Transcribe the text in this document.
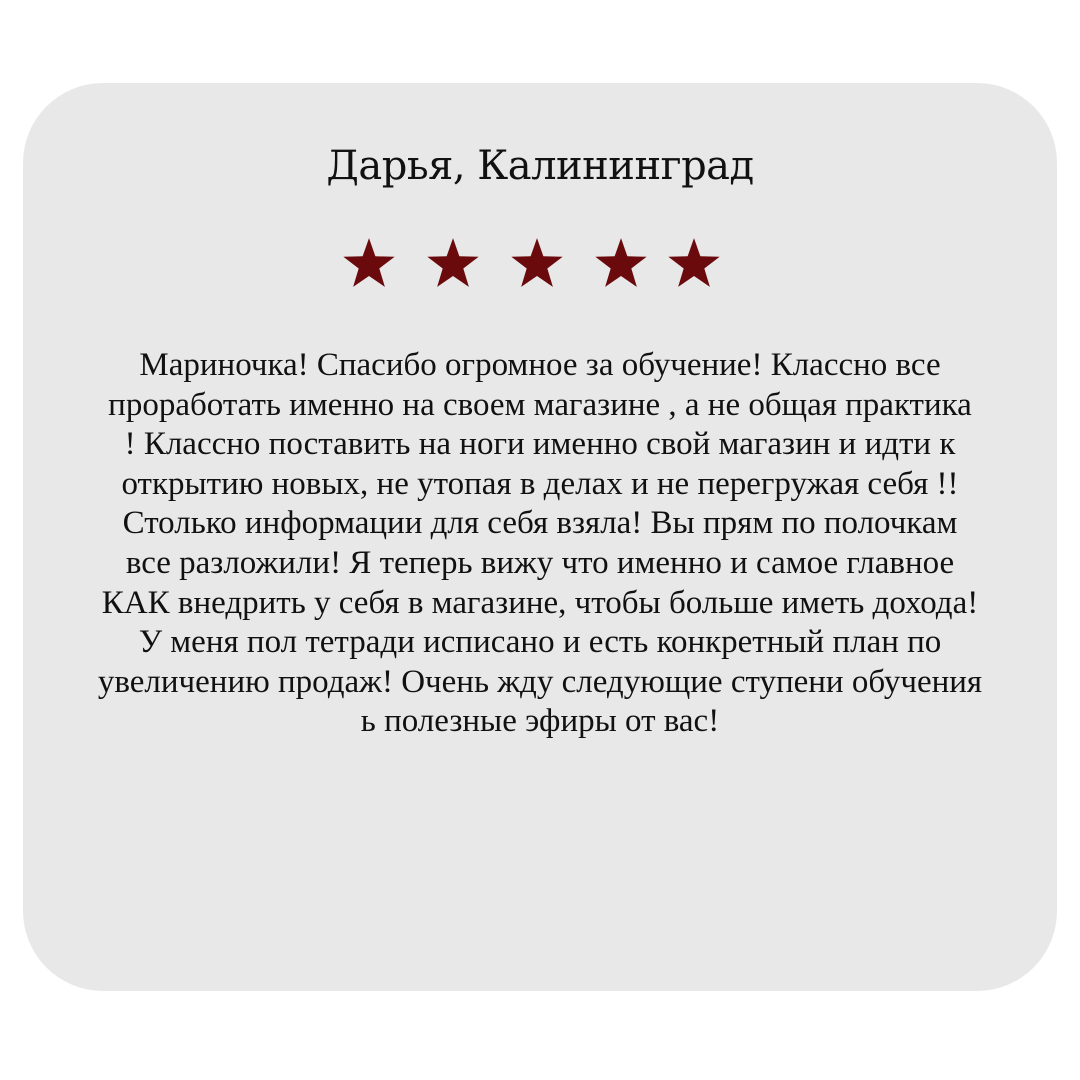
Дарья, Калининград
Мариночка! Спасибо огромное за обучение! Классно все
проработать именно на своем магазине , а не общая практика
! Классно поставить на ноги именно свой магазин и идти к
открытию новых, не утопая в делах и не перегружая себя !!
Столько информации для себя взяла! Вы прям по полочкам
все разложили! Я теперь вижу что именно и самое главное
КАК внедрить у себя в магазине, чтобы больше иметь дохода!
У меня пол тетради исписано и есть конкретный план по
увеличению продаж! Очень жду следующие ступени обучения
ь полезные эфиры от вас!
